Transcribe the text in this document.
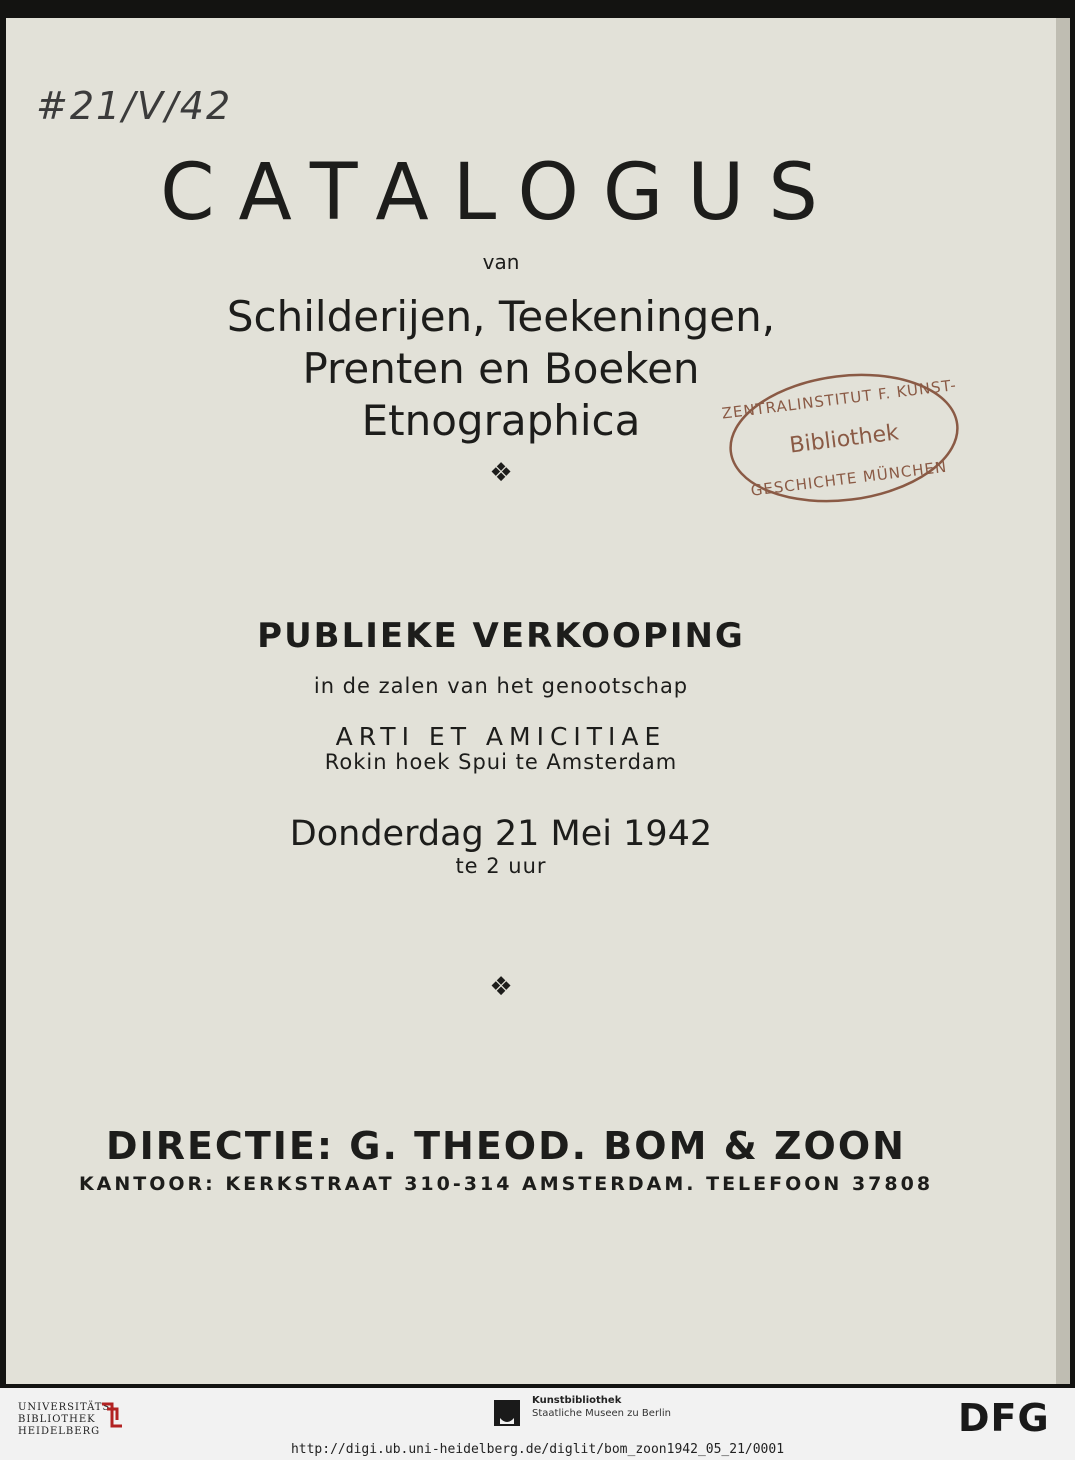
#21/V/42
CATALOGUS
van
Schilderijen, Teekeningen,
Prenten en Boeken
Etnographica
❖
PUBLIEKE VERKOOPING
in de zalen van het genootschap
ARTI ET AMICITIAE
Rokin hoek Spui te Amsterdam
Donderdag 21 Mei 1942
te 2 uur
❖
DIRECTIE: G. THEOD. BOM & ZOON
KANTOOR: KERKSTRAAT 310-314 AMSTERDAM. TELEFOON 37808
ZENTRALINSTITUT F. KUNST-
Bibliothek
GESCHICHTE MÜNCHEN
UNIVERSITÄTS-
BIBLIOTHEK
HEIDELBERG
Kunstbibliothek
Staatliche Museen zu Berlin	DFG
http://digi.ub.uni-heidelberg.de/diglit/bom_zoon1942_05_21/0001
